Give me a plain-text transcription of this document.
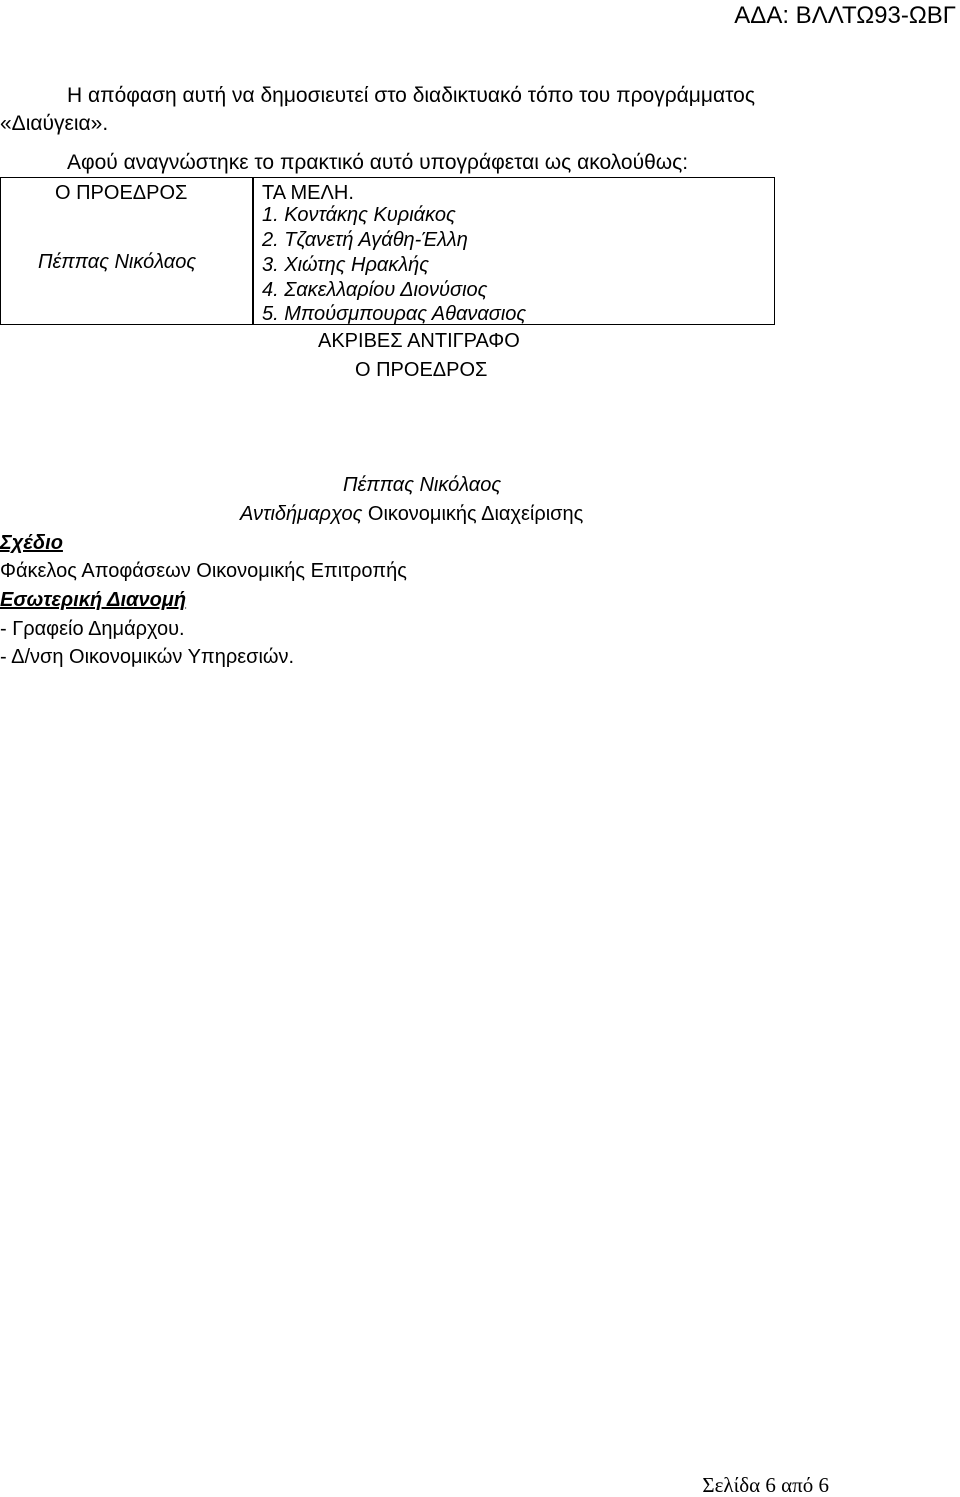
ΑΔΑ: ΒΛΛΤΩ93-ΩΒΓ
Η απόφαση αυτή να δημοσιευτεί στο διαδικτυακό τόπο του προγράμματος
«Διαύγεια».
Αφού αναγνώστηκε το πρακτικό αυτό υπογράφεται ως ακολούθως:
Ο ΠΡΟΕΔΡΟΣ
Πέππας Νικόλαος
ΤΑ ΜΕΛΗ.
1. Κοντάκης Κυριάκος
2. Τζανετή Αγάθη-Έλλη
3. Χιώτης Ηρακλής
4. Σακελλαρίου Διονύσιος
5. Μπούσμπουρας Αθανασιος
ΑΚΡΙΒΕΣ ΑΝΤΙΓΡΑΦΟ
Ο ΠΡΟΕΔΡΟΣ
Πέππας Νικόλαος
Αντιδήμαρχος Οικονομικής Διαχείρισης
Σχέδιο
Φάκελος Αποφάσεων Οικονομικής Επιτροπής
Εσωτερική Διανομή
- Γραφείο Δημάρχου.
- Δ/νση Οικονομικών Υπηρεσιών.
Σελίδα 6 από 6
